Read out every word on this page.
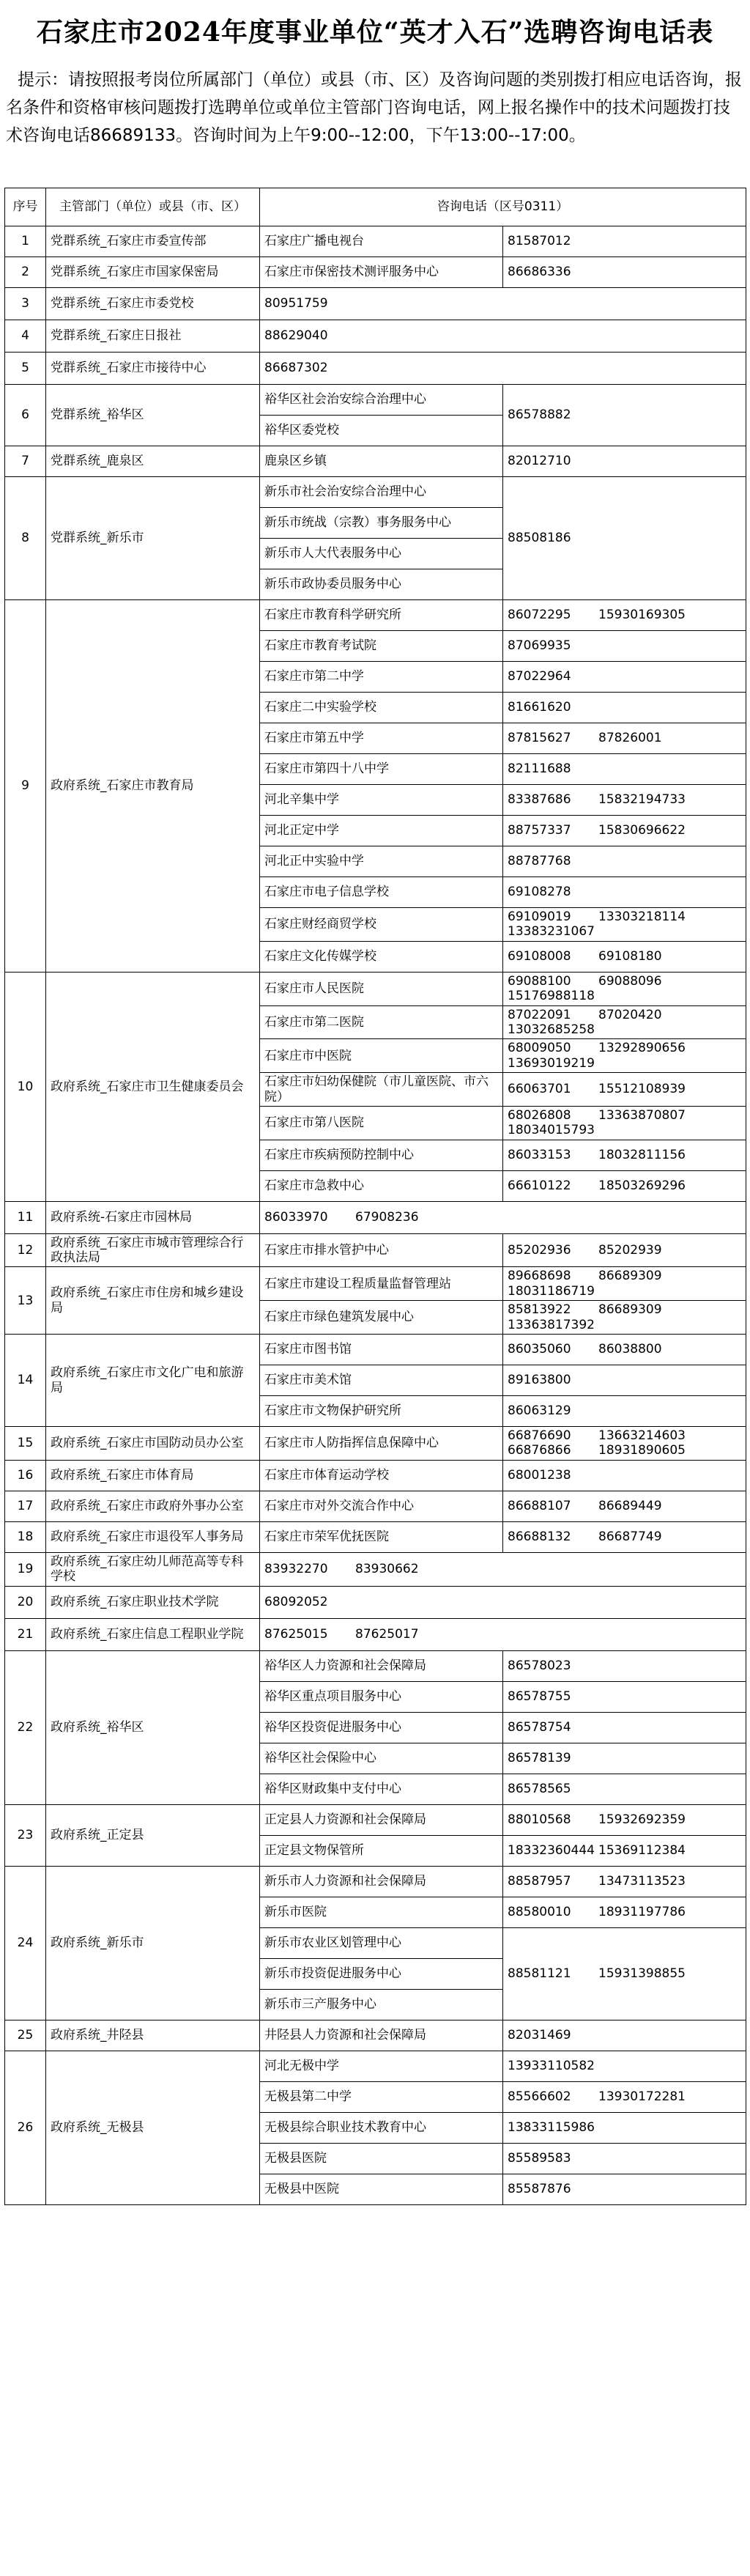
石家庄市2024年度事业单位“英才入石”选聘咨询电话表
提示：请按照报考岗位所属部门（单位）或县（市、区）及咨询问题的类别拨打相应电话咨询，报名条件和资格审核问题拨打选聘单位或单位主管部门咨询电话，网上报名操作中的技术问题拨打技术咨询电话86689133。咨询时间为上午9:00--12:00，下午13:00--17:00。
序号	主管部门（单位）或县（市、区）	咨询电话（区号0311）	
1	党群系统_石家庄市委宣传部	石家庄广播电视台	81587012
2	党群系统_石家庄市国家保密局	石家庄市保密技术测评服务中心	86686336
3	党群系统_石家庄市委党校	80951759	
4	党群系统_石家庄日报社	88629040	
5	党群系统_石家庄市接待中心	86687302	
6	党群系统_裕华区	裕华区社会治安综合治理中心	86578882
		裕华区委党校	
7	党群系统_鹿泉区	鹿泉区乡镇	82012710
8	党群系统_新乐市	新乐市社会治安综合治理中心	88508186
		新乐市统战（宗教）事务服务中心	
		新乐市人大代表服务中心	
		新乐市政协委员服务中心	
9	政府系统_石家庄市教育局	石家庄市教育科学研究所	86072295 15930169305

		石家庄市教育考试院	87069935
		石家庄市第二中学	87022964
		石家庄二中实验学校	81661620
		石家庄市第五中学	87815627 87826001

		石家庄市第四十八中学	82111688
		河北辛集中学	83387686 15832194733

		河北正定中学	88757337 15830696622

		河北正中实验中学	88787768
		石家庄市电子信息学校	69108278
		石家庄财经商贸学校	69109019 13303218114
13383231067

		石家庄文化传媒学校	69108008 69108180

10	政府系统_石家庄市卫生健康委员会	石家庄市人民医院	69088100 69088096
15176988118

		石家庄市第二医院	87022091 87020420
13032685258

		石家庄市中医院	68009050 13292890656
13693019219

		石家庄市妇幼保健院（市儿童医院、市六院）	66063701 15512108939

		石家庄市第八医院	68026808 13363870807
18034015793

		石家庄市疾病预防控制中心	86033153 18032811156

		石家庄市急救中心	66610122 18503269296

11	政府系统-石家庄市园林局	86033970 67908236	

12	政府系统_石家庄市城市管理综合行政执法局	石家庄市排水管护中心	85202936 85202939

13	政府系统_石家庄市住房和城乡建设局	石家庄市建设工程质量监督管理站	89668698 86689309
18031186719

		石家庄市绿色建筑发展中心	85813922 86689309
13363817392

14	政府系统_石家庄市文化广电和旅游局	石家庄市图书馆	86035060 86038800

		石家庄市美术馆	89163800
		石家庄市文物保护研究所	86063129
15	政府系统_石家庄市国防动员办公室	石家庄市人防指挥信息保障中心	66876690 13663214603
66876866 18931890605

16	政府系统_石家庄市体育局	石家庄市体育运动学校	68001238
17	政府系统_石家庄市政府外事办公室	石家庄市对外交流合作中心	86688107 86689449

18	政府系统_石家庄市退役军人事务局	石家庄市荣军优抚医院	86688132 86687749

19	政府系统_石家庄幼儿师范高等专科学校	83932270 83930662	

20	政府系统_石家庄职业技术学院	68092052	
21	政府系统_石家庄信息工程职业学院	87625015 87625017	

22	政府系统_裕华区	裕华区人力资源和社会保障局	86578023
		裕华区重点项目服务中心	86578755
		裕华区投资促进服务中心	86578754
		裕华区社会保险中心	86578139
		裕华区财政集中支付中心	86578565
23	政府系统_正定县	正定县人力资源和社会保障局	88010568 15932692359

		正定县文物保管所	18332360444 15369112384

24	政府系统_新乐市	新乐市人力资源和社会保障局	88587957 13473113523

		新乐市医院	88580010 18931197786

		新乐市农业区划管理中心	88581121 15931398855

		新乐市投资促进服务中心	
		新乐市三产服务中心	
25	政府系统_井陉县	井陉县人力资源和社会保障局	82031469
26	政府系统_无极县	河北无极中学	13933110582
		无极县第二中学	85566602 13930172281

		无极县综合职业技术教育中心	13833115986
		无极县医院	85589583
		无极县中医院	85587876
